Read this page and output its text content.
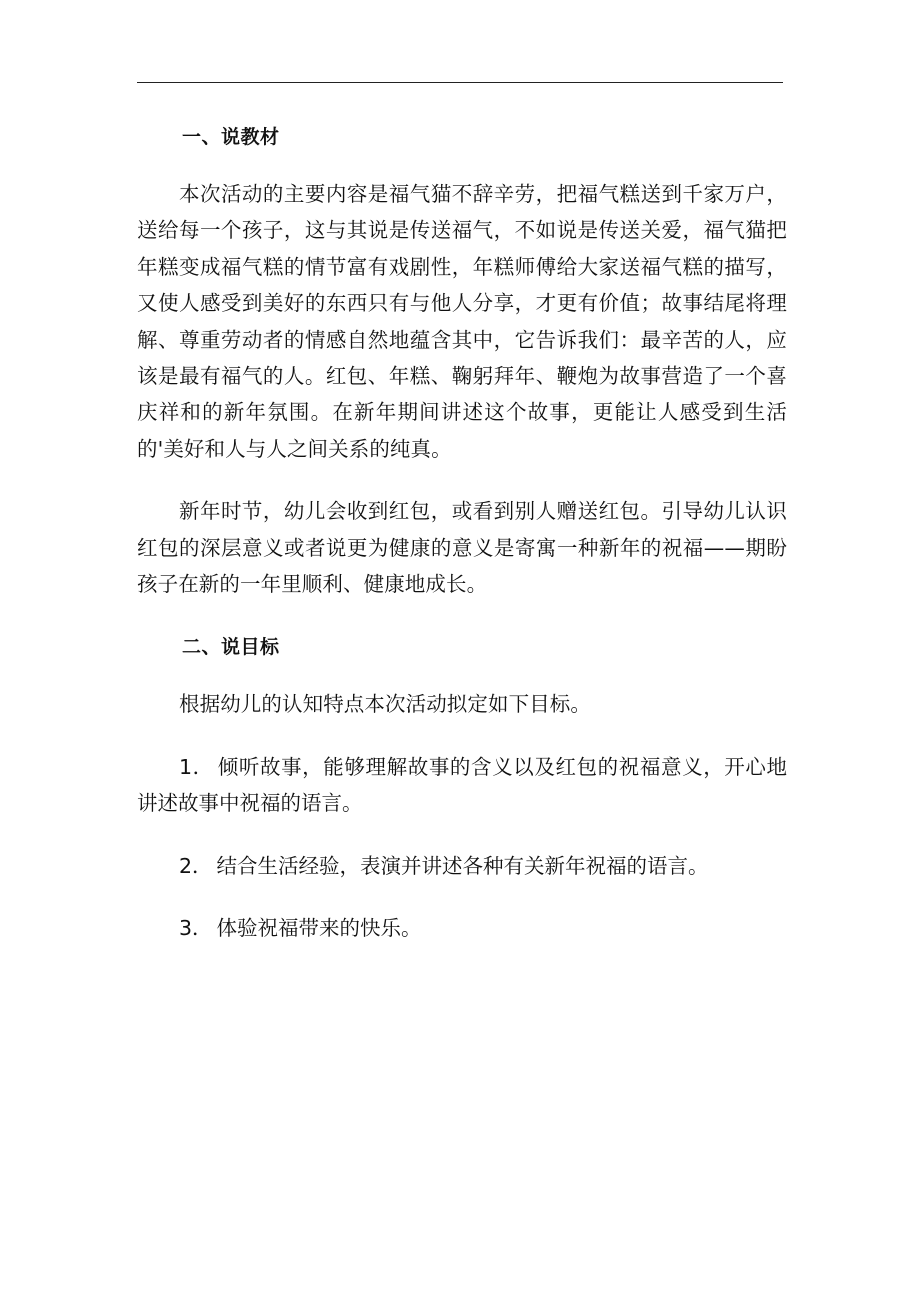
一、说教材

本次活动的主要内容是福气猫不辞辛劳，把福气糕送到千家万户，送给每一个孩子，这与其说是传送福气，不如说是传送关爱，福气猫把年糕变成福气糕的情节富有戏剧性，年糕师傅给大家送福气糕的描写，又使人感受到美好的东西只有与他人分享，才更有价值；故事结尾将理解、尊重劳动者的情感自然地蕴含其中，它告诉我们：最辛苦的人，应该是最有福气的人。红包、年糕、鞠躬拜年、鞭炮为故事营造了一个喜庆祥和的新年氛围。在新年期间讲述这个故事，更能让人感受到生活的'美好和人与人之间关系的纯真。

新年时节，幼儿会收到红包，或看到别人赠送红包。引导幼儿认识红包的深层意义或者说更为健康的意义是寄寓一种新年的祝福——期盼孩子在新的一年里顺利、健康地成长。

二、说目标

根据幼儿的认知特点本次活动拟定如下目标。

1． 倾听故事，能够理解故事的含义以及红包的祝福意义，开心地讲述故事中祝福的语言。

2． 结合生活经验，表演并讲述各种有关新年祝福的语言。

3． 体验祝福带来的快乐。
